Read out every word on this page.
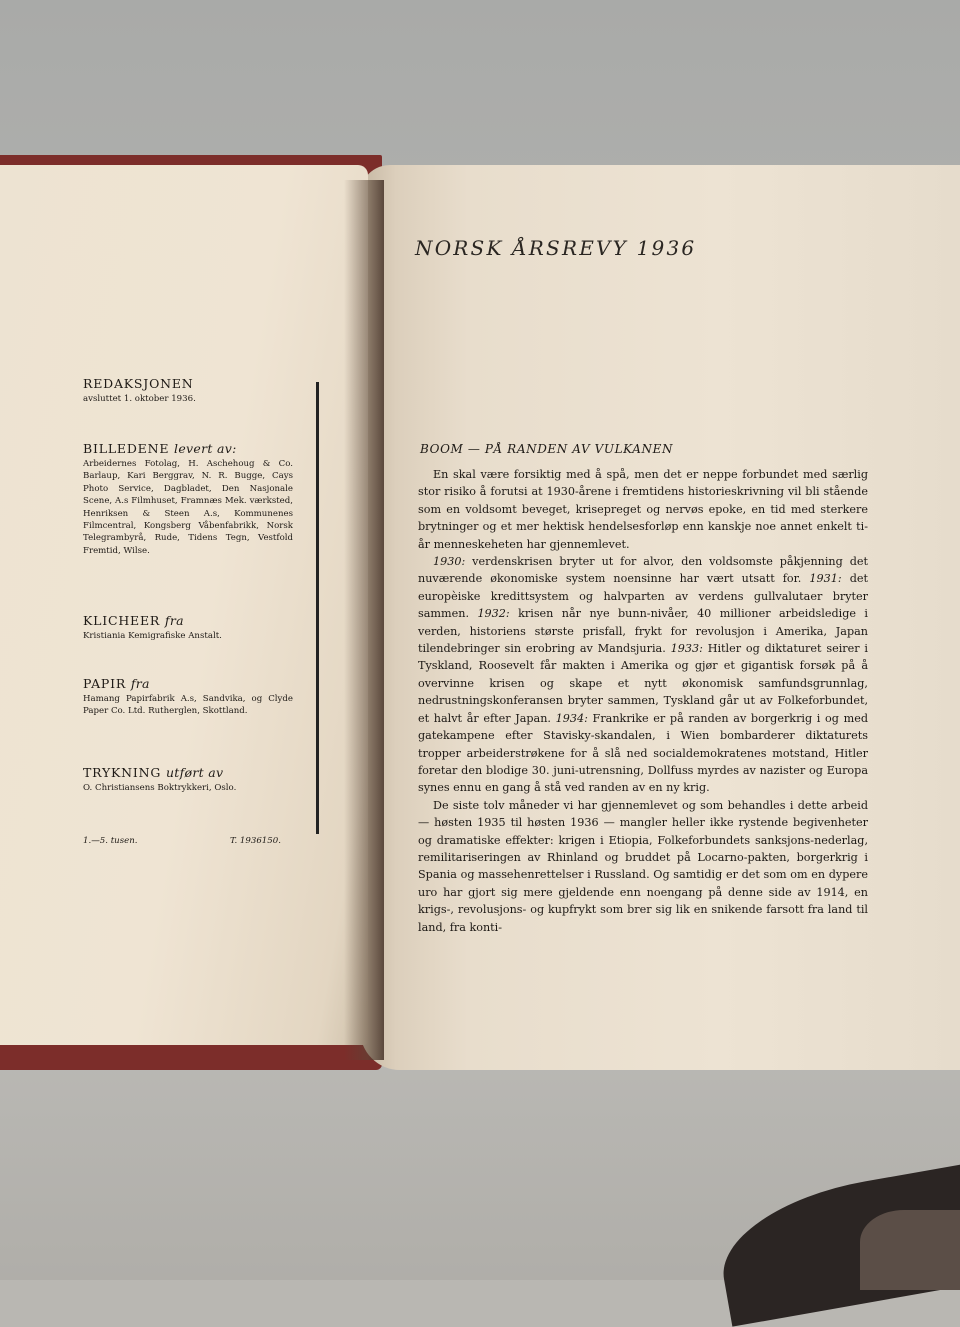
REDAKSJONEN
avsluttet 1. oktober 1936.
BILLEDENE levert av:
Arbeidernes Fotolag, H. Aschehoug & Co. Barlaup, Kari Berggrav, N. R. Bugge, Cays Photo Service, Dagbladet, Den Nasjonale Scene, A.s Filmhuset, Framnæs Mek. værksted, Henriksen & Steen A.s, Kommunenes Filmcentral, Kongsberg Våbenfabrikk, Norsk Telegrambyrå, Rude, Tidens Tegn, Vestfold Fremtid, Wilse.
KLICHEER fra
Kristiania Kemigrafiske Anstalt.
PAPIR fra
Hamang Papirfabrik A.s, Sandvika, og Clyde Paper Co. Ltd. Rutherglen, Skottland.
TRYKNING utført av
O. Christiansens Boktrykkeri, Oslo.
1.—5. tusen.	T. 1936150.
NORSK ÅRSREVY 1936
BOOM — PÅ RANDEN AV VULKANEN

En skal være forsiktig med å spå, men det er neppe forbundet med særlig stor risiko å forutsi at 1930-årene i fremtidens historieskrivning vil bli stående som en voldsomt beveget, krisepreget og nervøs epoke, en tid med sterkere brytninger og et mer hektisk hendelsesforløp enn kanskje noe annet enkelt ti-år menneskeheten har gjennemlevet.

1930: verdenskrisen bryter ut for alvor, den voldsomste påkjenning det nuværende økonomiske system noensinne har vært utsatt for. 1931: det europèiske kredittsystem og halvparten av verdens gullvalutaer bryter sammen. 1932: krisen når nye bunn-nivåer, 40 millioner arbeidsledige i verden, historiens største prisfall, frykt for revolusjon i Amerika, Japan tilendebringer sin erobring av Mandsjuria. 1933: Hitler og diktaturet seirer i Tyskland, Roosevelt får makten i Amerika og gjør et gigantisk forsøk på å overvinne krisen og skape et nytt økonomisk samfundsgrunnlag, nedrustningskonferansen bryter sammen, Tyskland går ut av Folkeforbundet, et halvt år efter Japan. 1934: Frankrike er på randen av borgerkrig i og med gatekampene efter Stavisky-skandalen, i Wien bombarderer diktaturets tropper arbeiderstrøkene for å slå ned socialdemokratenes motstand, Hitler foretar den blodige 30. juni-utrensning, Dollfuss myrdes av nazister og Europa synes ennu en gang å stå ved randen av en ny krig.

De siste tolv måneder vi har gjennemlevet og som behandles i dette arbeid — høsten 1935 til høsten 1936 — mangler heller ikke rystende begivenheter og dramatiske effekter: krigen i Etiopia, Folkeforbundets sanksjons-nederlag, remilitariseringen av Rhinland og bruddet på Locarno-pakten, borgerkrig i Spania og massehenrettelser i Russland. Og samtidig er det som om en dypere uro har gjort sig mere gjeldende enn noengang på denne side av 1914, en krigs-, revolusjons- og kupfrykt som brer sig lik en snikende farsott fra land til land, fra konti-
